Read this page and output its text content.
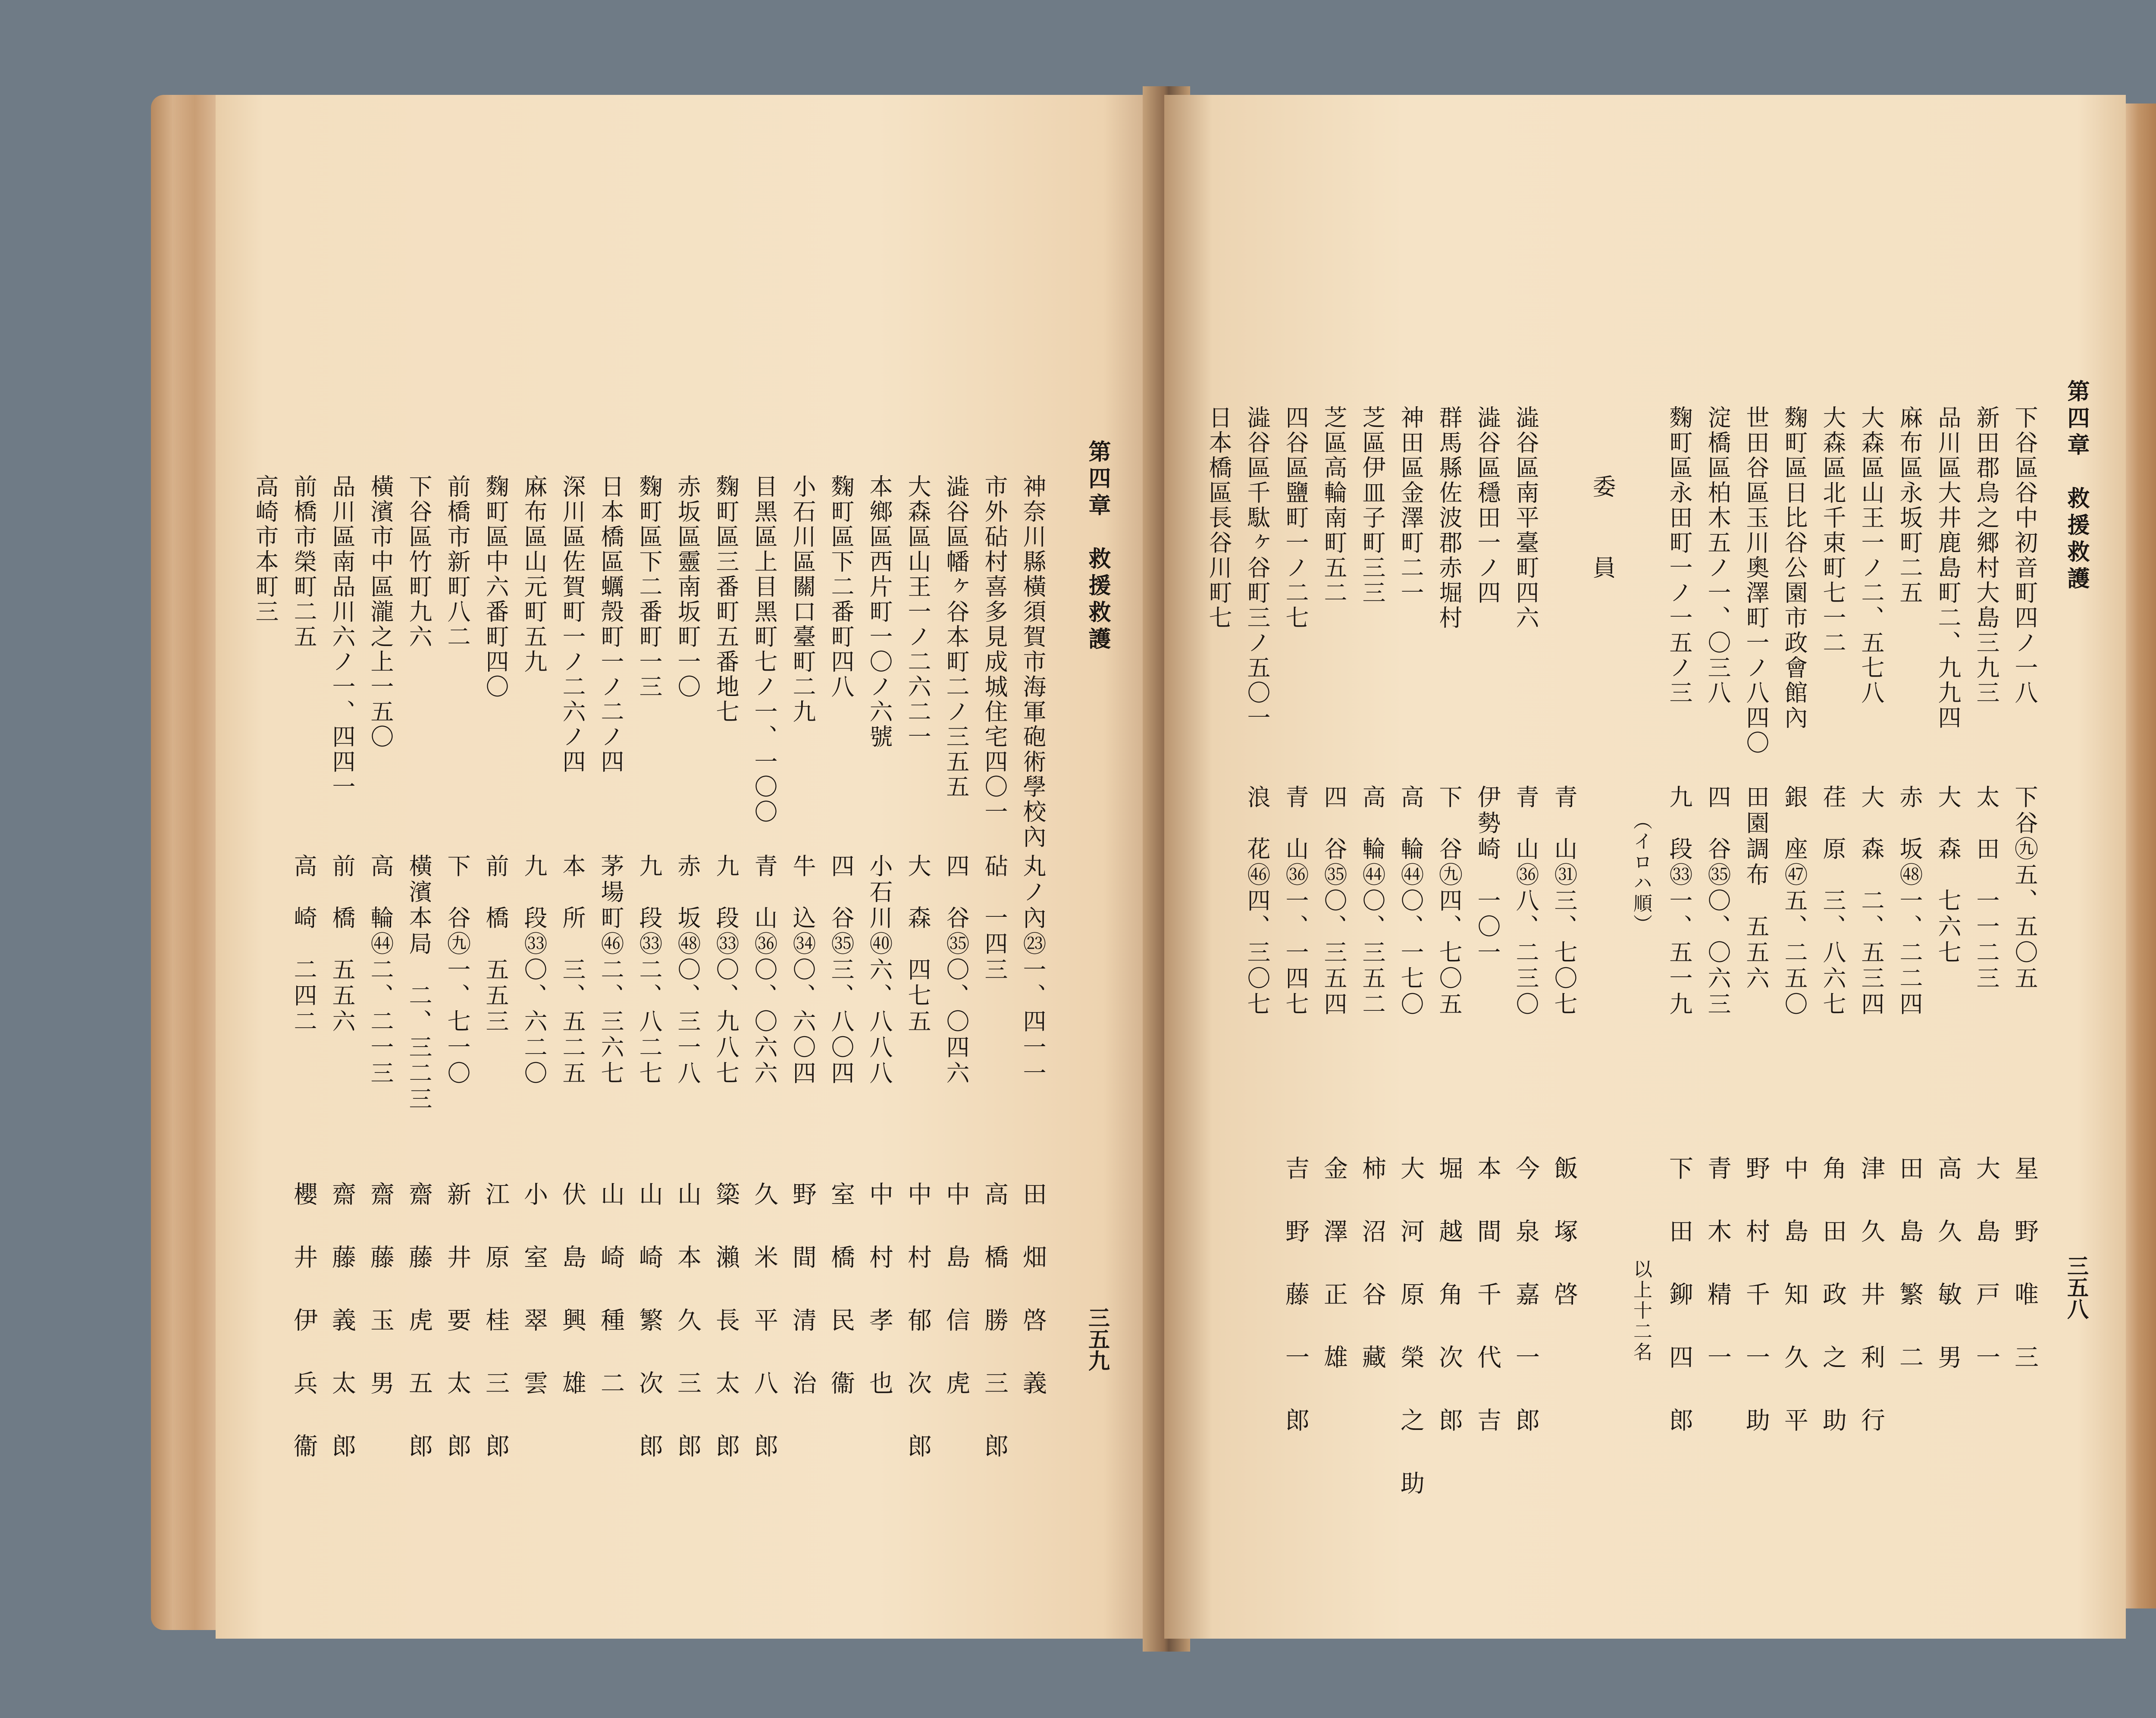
第四章　救援救護
三五九
神奈川縣橫須賀市海軍砲術學校內
市外砧村喜多見成城住宅四〇一
澁谷區幡ヶ谷本町二ノ三五五
大森區山王一ノ二六二一
本鄉區西片町一〇ノ六號
麴町區下二番町四八
小石川區關口臺町二九
目黑區上目黑町七ノ一、一〇〇
麴町區三番町五番地七
赤坂區靈南坂町一〇
麴町區下二番町一三
日本橋區蠣殼町一ノ二ノ四
深川區佐賀町一ノ二六ノ四
麻布區山元町五九
麴町區中六番町四〇
前橋市新町八二
下谷區竹町九六
橫濱市中區瀧之上一五〇
品川區南品川六ノ一、四四一
前橋市榮町二五
高崎市本町三
丸ノ內㉓一、四一一
砧　一四三
四　谷㉟〇、〇四六
大　森　四七五
小石川㊵六、八八八
四　谷㉟三、八〇四
牛　込㉞〇、六〇四
青　山㊱〇、〇六六
九　段㉝〇、九八七
赤　坂㊽〇、三一八
九　段㉝二、八二七
茅場町㊻二、三六七
本　所　三、五二五
九　段㉝〇、六二〇
前　橋　五五三
下　谷㊈一、七一〇
橫濱本局　二、三二三
高　輪㊹二、二一三
前　橋　五五六
高　崎　二四二
田畑啓義
高橋勝三郎
中島信虎
中村郁次郎
中村孝也
室橋民衞
野間清治
久米平八郎
簗瀨長太郎
山本久三郎
山崎繁次郎
山崎種二
伏島興雄
小室翠雲
江原桂三郎
新井要太郎
齋藤虎五郎
齋藤玉男
齋藤義太郎
櫻井伊兵衞
第四章　救援救護
三五八
下谷區谷中初音町四ノ一八
新田郡烏之郷村大島三九三
品川區大井鹿島町二、九九四
麻布區永坂町二五
大森區山王一ノ二、五七八
大森區北千束町七一二
麴町區日比谷公園市政會館內
世田谷區玉川奧澤町一ノ八四〇
淀橋區柏木五ノ一、〇三八
麴町區永田町一ノ一五ノ三
委　員
澁谷區南平臺町四六
澁谷區穩田一ノ四
群馬縣佐波郡赤堀村
神田區金澤町二一
芝區伊皿子町三三
芝區高輪南町五二
四谷區鹽町一ノ二七
澁谷區千駄ヶ谷町三ノ五〇一
日本橋區長谷川町七
下谷㊈五、五〇五
太　田　一一二三
大　森　七六七
赤　坂㊽一、二二四
大　森　二、五三四
荏　原　三、八六七
銀　座㊼五、二五〇
田園調布　五五六
四　谷㉟〇、〇六三
九　段㉝一、五一九
（イロハ順）
青　山㉛三、七〇七
青　山㊱八、二三〇
伊勢崎　一〇一
下　谷㊈四、七〇五
高　輪㊹〇、一七〇
高　輪㊹〇、三五二
四　谷㉟〇、三五四
青　山㊱一、一四七
浪　花㊻四、三〇七
星野唯三
大島戸一
高久敏男
田島繁二
津久井利行
角田政之助
中島知久平
野村千一助
青木精一
下田鉚四郎
以上十二名
飯塚啓
今泉嘉一郎
本間千代吉
堀越角次郎
大河原榮之助
柿沼谷藏
金澤正雄
吉野藤一郎
